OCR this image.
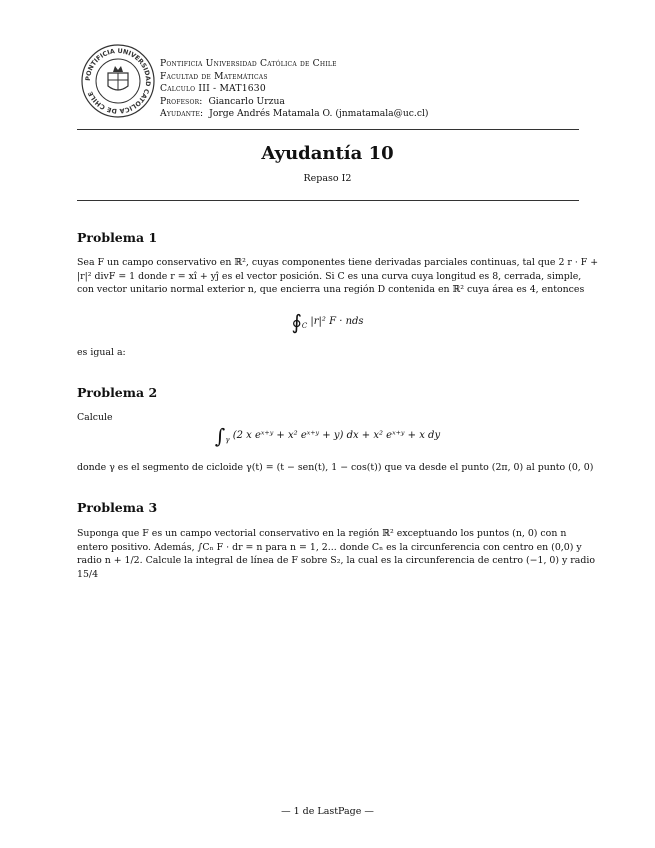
PONTIFICIA UNIVERSIDAD CATOLICA DE CHILE
Pontificia Universidad Católica de Chile
Facultad de Matemáticas
Calculo III - MAT1630
Profesor: Giancarlo Urzua
Ayudante: Jorge Andrés Matamala O. (jnmatamala@uc.cl)
Ayudantía 10
Repaso I2
Problema 1
Sea F un campo conservativo en ℝ², cuyas componentes tiene derivadas parciales continuas, tal que 2 r · F +
|r|² divF = 1 donde r = xî + yĵ es el vector posición. Si C es una curva cuya longitud es 8, cerrada, simple,
con vector unitario normal exterior n, que encierra una región D contenida en ℝ² cuya área es 4, entonces
$∮_C$ |r|² F · nds
es igual a:
Problema 2
Calcule
$\int_\gamma$ (2 x eˣ⁺ʸ + x² eˣ⁺ʸ + y) dx + x² eˣ⁺ʸ + x dy
donde γ es el segmento de cicloide γ(t) = (t − sen(t), 1 − cos(t)) que va desde el punto (2π, 0) al punto (0, 0)
Problema 3
Suponga que F es un campo vectorial conservativo en la región ℝ² exceptuando los puntos (n, 0) con n
entero positivo. Además, ∫Cₙ F · dr = n para n = 1, 2... donde Cₙ es la circunferencia con centro en (0,0) y
radio n + 1/2. Calcule la integral de línea de F sobre S₂, la cual es la circunferencia de centro (−1, 0) y radio
15/4
— 1 de LastPage —
